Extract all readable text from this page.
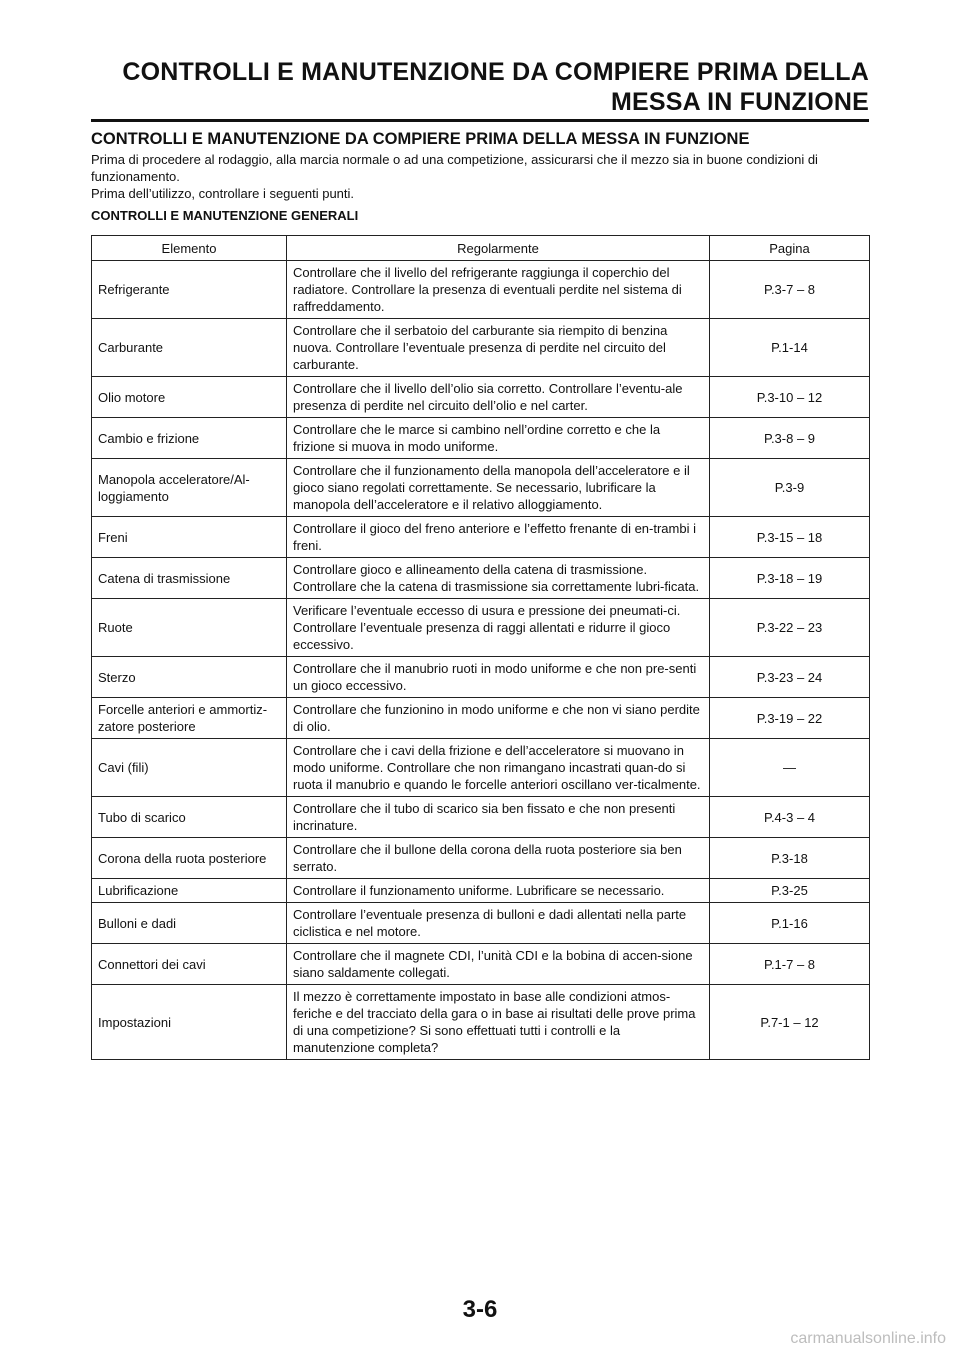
CONTROLLI E MANUTENZIONE DA COMPIERE PRIMA DELLA
MESSA IN FUNZIONE
CONTROLLI E MANUTENZIONE DA COMPIERE PRIMA DELLA MESSA IN FUNZIONE

Prima di procedere al rodaggio, alla marcia normale o ad una competizione, assicurarsi che il mezzo sia in buone condizioni di funzionamento.

Prima dell’utilizzo, controllare i seguenti punti.

CONTROLLI E MANUTENZIONE GENERALI
Elemento	Regolarmente	Pagina
Refrigerante	Controllare che il livello del refrigerante raggiunga il coperchio del radiatore. Controllare la presenza di eventuali perdite nel sistema di raffreddamento.	P.3-7 – 8
Carburante	Controllare che il serbatoio del carburante sia riempito di benzina nuova. Controllare l’eventuale presenza di perdite nel circuito del carburante.	P.1-14
Olio motore	Controllare che il livello dell’olio sia corretto. Controllare l’eventu-ale presenza di perdite nel circuito dell’olio e nel carter.	P.3-10 – 12
Cambio e frizione	Controllare che le marce si cambino nell’ordine corretto e che la frizione si muova in modo uniforme.	P.3-8 – 9
Manopola acceleratore/Al-loggiamento	Controllare che il funzionamento della manopola dell’acceleratore e il gioco siano regolati correttamente. Se necessario, lubrificare la manopola dell’acceleratore e il relativo alloggiamento.	P.3-9
Freni	Controllare il gioco del freno anteriore e l’effetto frenante di en-trambi i freni.	P.3-15 – 18
Catena di trasmissione	Controllare gioco e allineamento della catena di trasmissione. Controllare che la catena di trasmissione sia correttamente lubri-ficata.	P.3-18 – 19
Ruote	Verificare l’eventuale eccesso di usura e pressione dei pneumati-ci. Controllare l’eventuale presenza di raggi allentati e ridurre il gioco eccessivo.	P.3-22 – 23
Sterzo	Controllare che il manubrio ruoti in modo uniforme e che non pre-senti un gioco eccessivo.	P.3-23 – 24
Forcelle anteriori e ammortiz-zatore posteriore	Controllare che funzionino in modo uniforme e che non vi siano perdite di olio.	P.3-19 – 22
Cavi (fili)	Controllare che i cavi della frizione e dell’acceleratore si muovano in modo uniforme. Controllare che non rimangano incastrati quan-do si ruota il manubrio e quando le forcelle anteriori oscillano ver-ticalmente.	—
Tubo di scarico	Controllare che il tubo di scarico sia ben fissato e che non presenti incrinature.	P.4-3 – 4
Corona della ruota posteriore	Controllare che il bullone della corona della ruota posteriore sia ben serrato.	P.3-18
Lubrificazione	Controllare il funzionamento uniforme. Lubrificare se necessario.	P.3-25
Bulloni e dadi	Controllare l’eventuale presenza di bulloni e dadi allentati nella parte ciclistica e nel motore.	P.1-16
Connettori dei cavi	Controllare che il magnete CDI, l’unità CDI e la bobina di accen-sione siano saldamente collegati.	P.1-7 – 8
Impostazioni	Il mezzo è correttamente impostato in base alle condizioni atmos-feriche e del tracciato della gara o in base ai risultati delle prove prima di una competizione? Si sono effettuati tutti i controlli e la manutenzione completa?	P.7-1 – 12
3-6
carmanualsonline.info
